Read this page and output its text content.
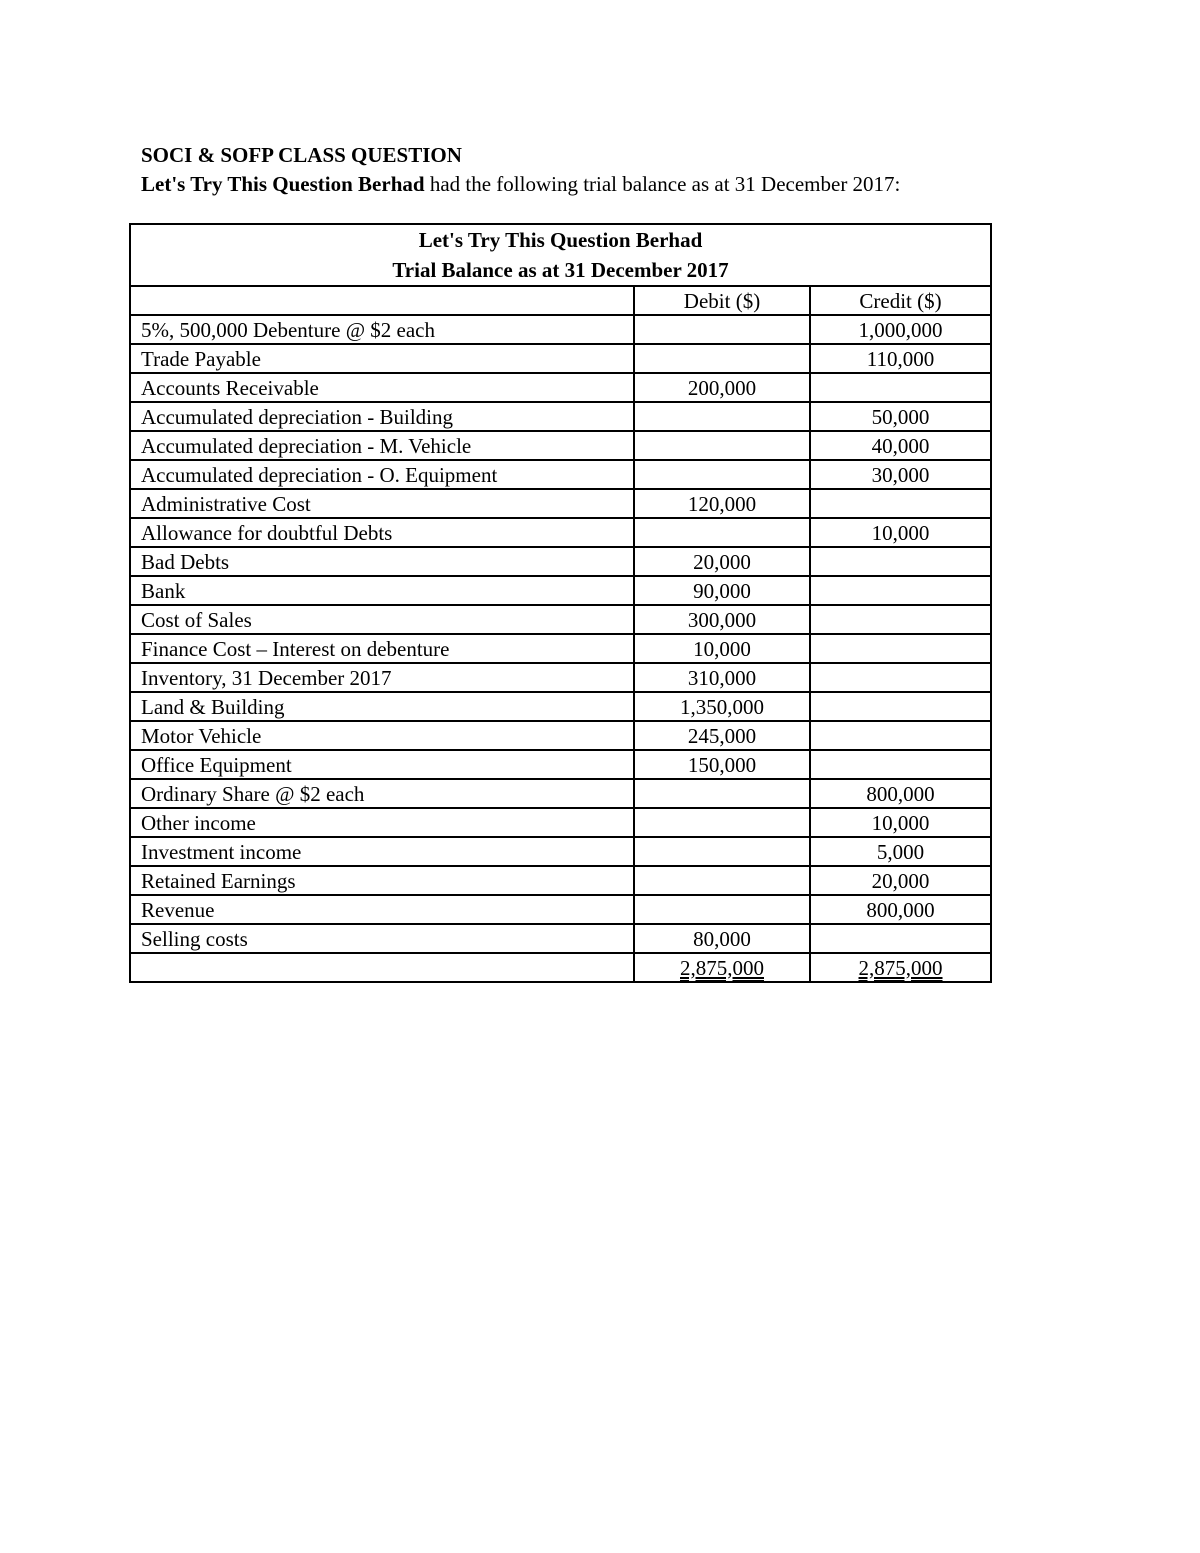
SOCI & SOFP CLASS QUESTION
Let's Try This Question Berhad had the following trial balance as at 31 December 2017:
Let's Try This Question Berhad
Trial Balance as at 31 December 2017		

	Debit ($)	Credit ($)
5%, 500,000 Debenture @ $2 each		1,000,000
Trade Payable		110,000
Accounts Receivable	200,000	
Accumulated depreciation - Building		50,000
Accumulated depreciation - M. Vehicle		40,000
Accumulated depreciation - O. Equipment		30,000
Administrative Cost	120,000	
Allowance for doubtful Debts		10,000
Bad Debts	20,000	
Bank	90,000	
Cost of Sales	300,000	
Finance Cost – Interest on debenture	10,000	
Inventory, 31 December 2017	310,000	
Land & Building	1,350,000	
Motor Vehicle	245,000	
Office Equipment	150,000	
Ordinary Share @ $2 each		800,000
Other income		10,000
Investment income		5,000
Retained Earnings		20,000
Revenue		800,000
Selling costs	80,000	
	2,875,000	2,875,000
